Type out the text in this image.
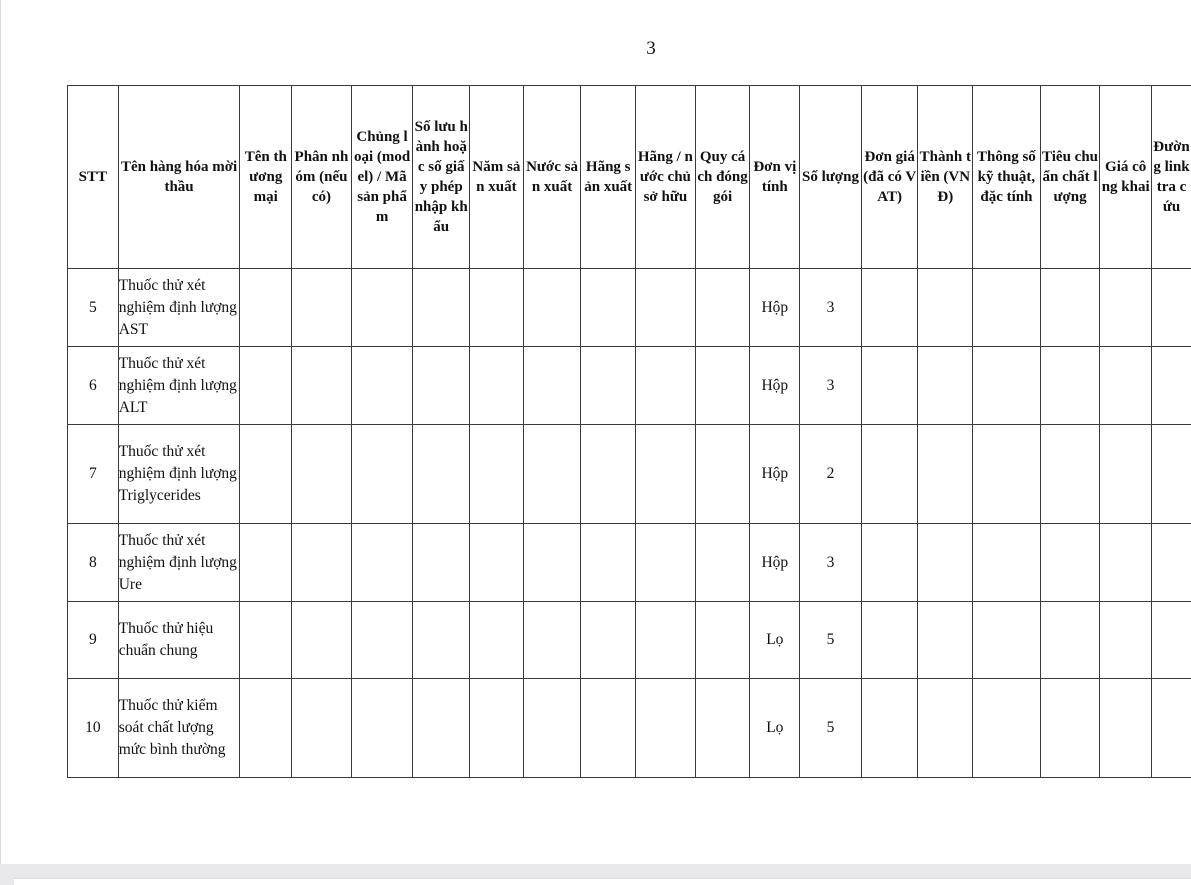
3
STT	Tên hàng hóa mời thầu	Tên thương mại	Phân nhóm (nếu có)	Chủng loại (model) / Mã sản phẩm	Số lưu hành hoặc số giấy phép nhập khẩu	Năm sản xuất	Nước sản xuất	Hãng sản xuất	Hãng / nước chủ sở hữu	Quy cách đóng gói	Đơn vị tính	Số lượng	Đơn giá (đã có VAT)	Thành tiền (VNĐ)	Thông số kỹ thuật, đặc tính	Tiêu chuẩn chất lượng	Giá công khai	Đường link tra cứu

5	Thuốc thử xét nghiệm định lượng AST										Hộp	3						
6	Thuốc thử xét nghiệm định lượng ALT										Hộp	3						
7	Thuốc thử xét nghiệm định lượng Triglycerides										Hộp	2						
8	Thuốc thử xét nghiệm định lượng Ure										Hộp	3						
9	Thuốc thử hiệu chuẩn chung										Lọ	5						
10	Thuốc thử kiểm soát chất lượng mức bình thường										Lọ	5						
